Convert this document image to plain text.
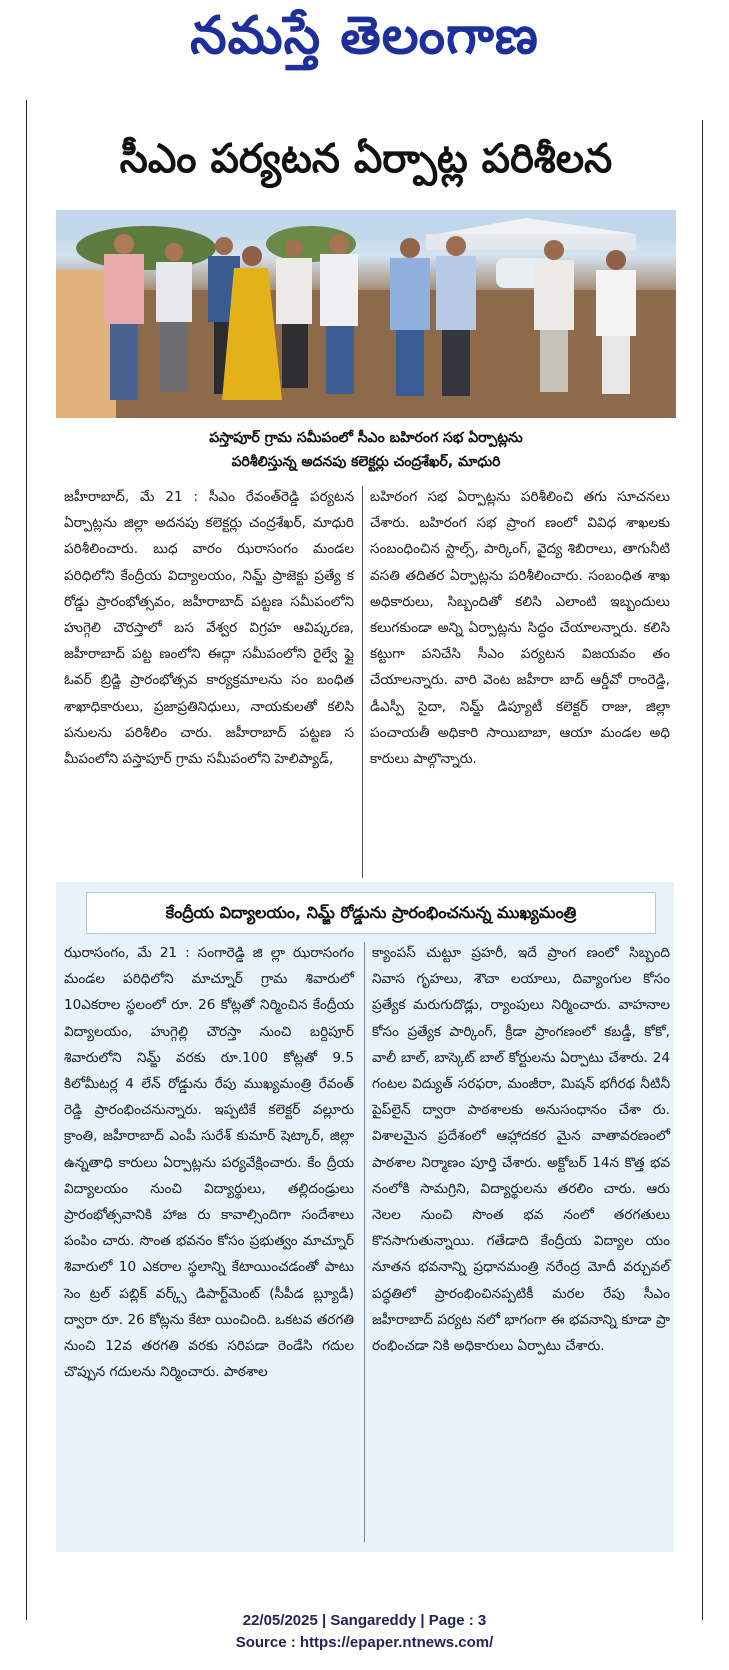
నమస్తే తెలంగాణ
సీఎం పర్యటన ఏర్పాట్ల పరిశీలన
పస్తాపూర్ గ్రామ సమీపంలో సీఎం బహిరంగ సభ ఏర్పాట్లను
పరిశీలిస్తున్న అదనపు కలెక్టర్లు చంద్రశేఖర్, మాధురి
జహీరాబాద్, మే 21 : సీఎం రేవంత్‌రెడ్డి పర్యటన ఏర్పాట్లను జిల్లా అదనపు కలెక్టర్లు చంద్రశేఖర్, మాధురి పరిశీలించారు. బుధ వారం ఝరాసంగం మండల పరిధిలోని కేంద్రీయ విద్యాలయం, నిమ్జ్ ప్రాజెక్టు ప్రత్యే క రోడ్డు ప్రారంభోత్సవం, జహీరాబాద్ పట్టణ సమీపంలోని హుగ్గెలి చౌరస్తాలో బస వేశ్వర విగ్రహ ఆవిష్కరణ, జహీరాబాద్ పట్ట ణంలోని ఈద్గా సమీపంలోని రైల్వే ఫ్లై ఓవర్ బ్రిడ్జి ప్రారంభోత్సవ కార్యక్రమాలను సం బంధిత శాఖాధికారులు, ప్రజాప్రతినిధులు, నాయకులతో కలిసి పనులను పరిశీలిం చారు. జహీరాబాద్ పట్టణ స మీపంలోని పస్తాపూర్ గ్రామ సమీపంలోని హెలిప్యాడ్,
బహిరంగ సభ ఏర్పాట్లను పరిశీలించి తగు సూచనలు చేశారు. బహిరంగ సభ ప్రాంగ ణంలో వివిధ శాఖలకు సంబంధించిన స్టాల్స్, పార్కింగ్, వైద్య శిబిరాలు, తాగునీటి వసతి తదితర ఏర్పాట్లను పరిశీలించారు. సంబంధిత శాఖ అధికారులు, సిబ్బందితో కలిసి ఎలాంటి ఇబ్బందులు కలుగకుండా అన్ని ఏర్పాట్లను సిద్ధం చేయాలన్నారు. కలిసి కట్టుగా పనిచేసి సీఎం పర్యటన విజయవం తం చేయాలన్నారు. వారి వెంట జహీరా బాద్ ఆర్డీవో రాంరెడ్డి, డీఎస్పీ సైదా, నిమ్జ్ డిప్యూటీ కలెక్టర్ రాజు, జిల్లా పంచాయతీ అధికారి సాయిబాబా, ఆయా మండల అధి కారులు పాల్గొన్నారు.
కేంద్రీయ విద్యాలయం, నిమ్జ్ రోడ్డును ప్రారంభించనున్న ముఖ్యమంత్రి
ఝరాసంగం, మే 21 : సంగారెడ్డి జి ల్లా ఝరాసంగం మండల పరిధిలోని మాచ్నూర్ గ్రామ శివారులో 10ఎకరాల స్థలంలో రూ. 26 కోట్లతో నిర్మించిన కేంద్రీయ విద్యాలయం, హుగ్గెల్లి చౌరస్తా నుంచి బర్దిపూర్ శివారులోని నిమ్జ్ వరకు రూ.100 కోట్లతో 9.5 కిలోమీటర్ల 4 లేన్ రోడ్డును రేపు ముఖ్యమంత్రి రేవంత్ రెడ్డి ప్రారంభించనున్నారు. ఇప్పటికే కలెక్టర్ వల్లూరు క్రాంతి, జహీరాబాద్ ఎంపీ సురేశ్ కుమార్ షెట్కార్, జిల్లా ఉన్నతాధి కారులు ఏర్పాట్లను పర్యవేక్షించారు. కేం ద్రీయ విద్యాలయం నుంచి విద్యార్థులు, తల్లిదండ్రులు ప్రారంభోత్సవానికి హాజ రు కావాల్సిందిగా సందేశాలు పంపిం చారు. సొంత భవనం కోసం ప్రభుత్వం మాచ్నూర్ శివారులో 10 ఎకరాల స్థలాన్ని కేటాయించడంతో పాటు సెం ట్రల్ పబ్లిక్ వర్క్స్ డిపార్ట్‌మెంట్ (సీపీడ బ్ల్యూడీ) ద్వారా రూ. 26 కోట్లను కేటా యించింది. ఒకటవ తరగతి నుంచి 12వ తరగతి వరకు సరిపడా రెండేసి గదుల చొప్పున గదులను నిర్మించారు. పాఠశాల
క్యాంపస్ చుట్టూ ప్రహరీ, ఇదే ప్రాంగ ణంలో సిబ్బంది నివాస గృహలు, శౌచా లయాలు, దివ్యాంగుల కోసం ప్రత్యేక మరుగుదొడ్లు, ర్యాంపులు నిర్మించారు. వాహనాల కోసం ప్రత్యేక పార్కింగ్, క్రీడా ప్రాంగణంలో కబడ్డీ, కోకో, వాలీ బాల్, బాస్కెట్ బాల్ కోర్టులను ఏర్పాటు చేశారు. 24 గంటల విద్యుత్ సరఫరా, మంజీరా, మిషన్ భగీరథ నీటినీ పైప్‌లైన్ ద్వారా పాఠశాలకు అనుసంధానం చేశా రు. విశాలమైన ప్రదేశంలో ఆహ్లాదకర మైన వాతావరణంలో పాఠశాల నిర్మాణం పూర్తి చేశారు. అక్టోబర్ 14న కొత్త భవ నంలోకి సామగ్రిని, విద్యార్థులను తరలిం చారు. ఆరు నెలల నుంచి సొంత భవ నంలో తరగతులు కొనసాగుతున్నాయి. గతేడాది కేంద్రీయ విద్యాల యం నూతన భవనాన్ని ప్రధానమంత్రి నరేంద్ర మోదీ వర్చువల్ పద్ధతిలో ప్రారంభించినప్పటికీ మరల రేపు సీఎం జహీరాబాద్ పర్యట నలో భాగంగా ఈ భవనాన్ని కూడా ప్రా రంభించడా నికి అధికారులు ఏర్పాటు చేశారు.
22/05/2025 | Sangareddy | Page : 3
Source : https://epaper.ntnews.com/
